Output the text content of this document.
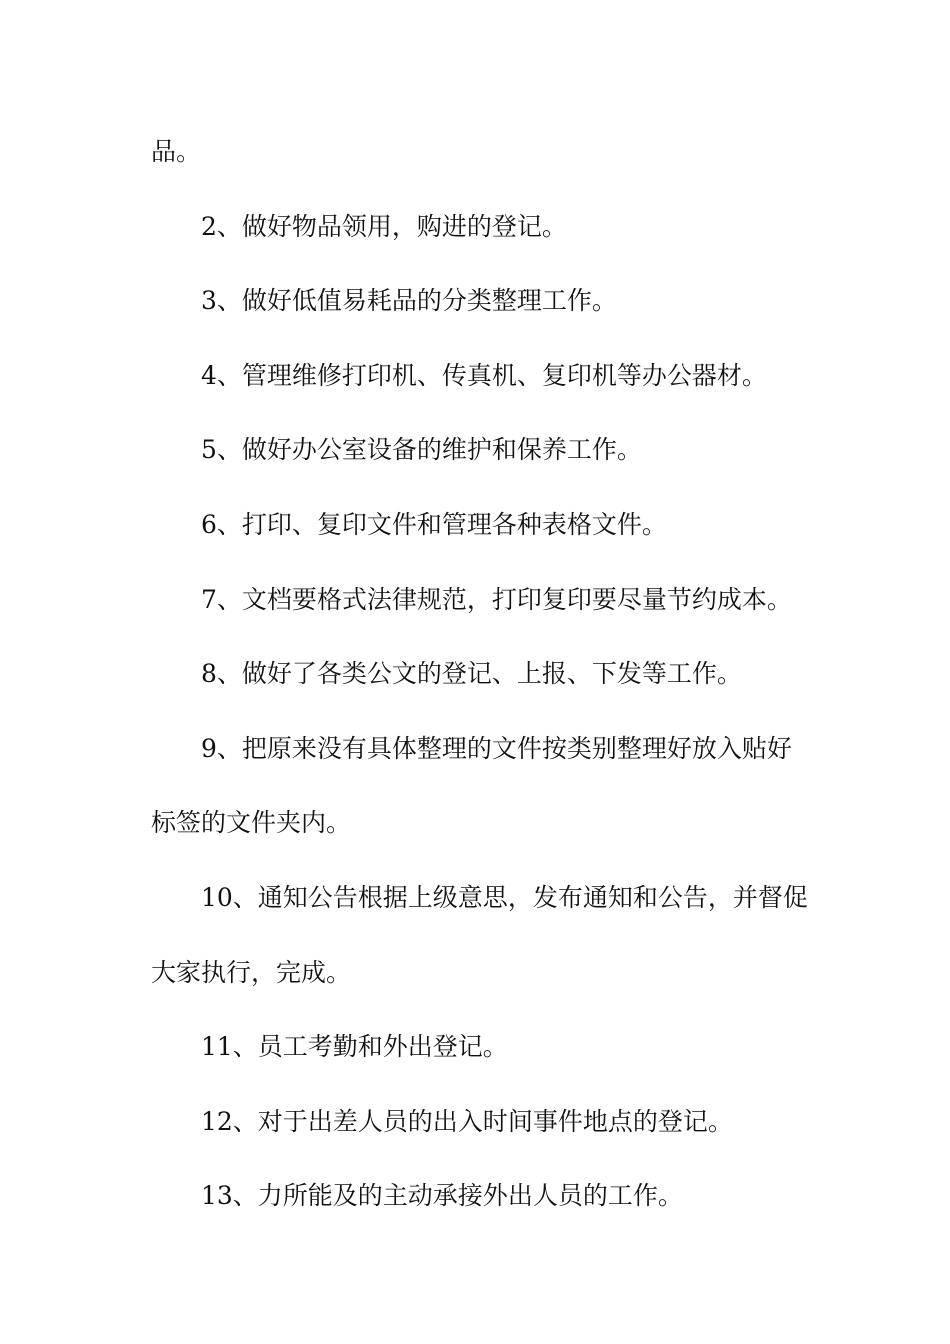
品。

2、做好物品领用，购进的登记。

3、做好低值易耗品的分类整理工作。

4、管理维修打印机、传真机、复印机等办公器材。

5、做好办公室设备的维护和保养工作。

6、打印、复印文件和管理各种表格文件。

7、文档要格式法律规范，打印复印要尽量节约成本。

8、做好了各类公文的登记、上报、下发等工作。

9、把原来没有具体整理的文件按类别整理好放入贴好标签的文件夹内。

10、通知公告根据上级意思，发布通知和公告，并督促大家执行，完成。

11、员工考勤和外出登记。

12、对于出差人员的出入时间事件地点的登记。

13、力所能及的主动承接外出人员的工作。
